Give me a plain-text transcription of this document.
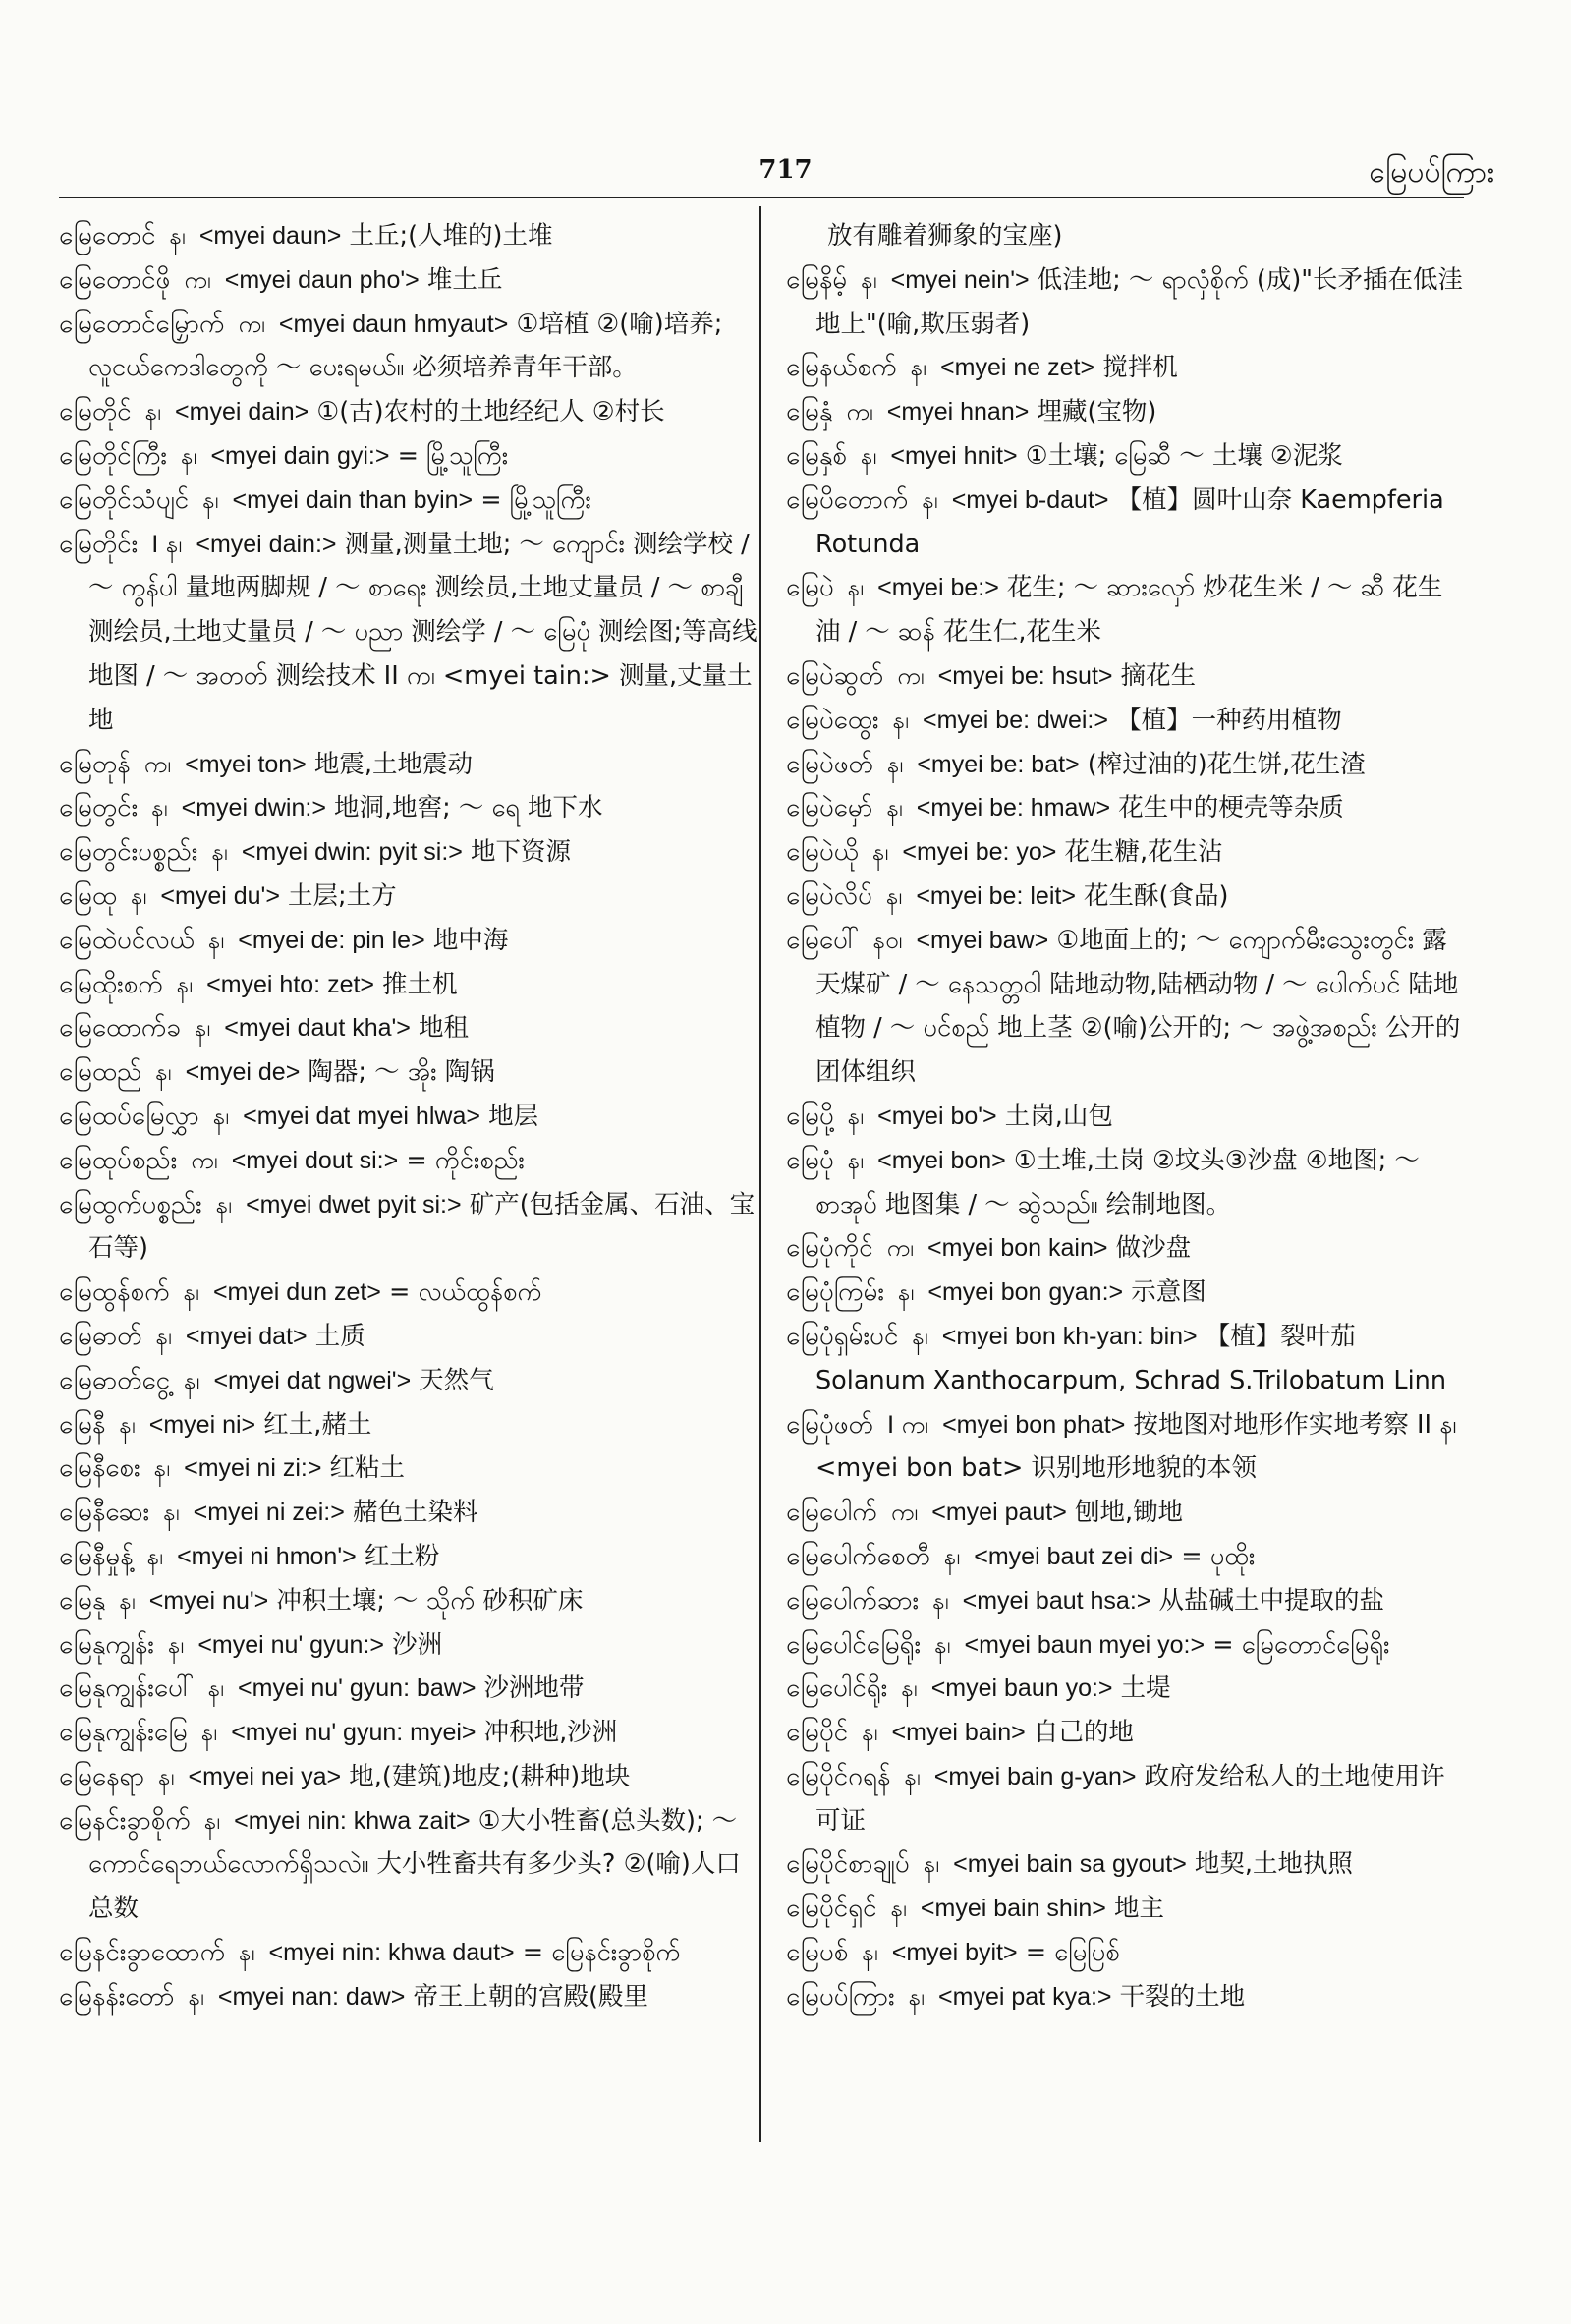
717	မြေပပ်ကြား
မြေတောင် န၊ <myei daun> 土丘;(人堆的)土堆
မြေတောင်ဖို က၊ <myei daun pho'> 堆土丘
မြေတောင်မြှောက် က၊ <myei daun hmyaut> ①培植 ②(喻)培养; လူငယ်ကေဒါတွေကို ～ ပေးရမယ်။ 必须培养青年干部。
မြေတိုင် န၊ <myei dain> ①(古)农村的土地经纪人 ②村长
မြေတိုင်ကြီး န၊ <myei dain gyi:> = မြို့သူကြီး
မြေတိုင်သံပျင် န၊ <myei dain than byin> = မြို့သူကြီး
မြေတိုင်း I န၊ <myei dain:> 测量,测量土地; ～ ကျောင်း 测绘学校 / ～ ကွန်ပါ 量地两脚规 / ～ စာရေး 测绘员,土地丈量员 / ～ စာချီ 测绘员,土地丈量员 / ～ ပညာ 测绘学 / ～ မြေပုံ 测绘图;等高线地图 / ～ အတတ် 测绘技术 II က၊ <myei tain:> 测量,丈量土地
မြေတုန် က၊ <myei ton> 地震,土地震动
မြေတွင်း န၊ <myei dwin:> 地洞,地窖; ～ ရေ 地下水
မြေတွင်းပစ္စည်း န၊ <myei dwin: pyit si:> 地下资源
မြေထု န၊ <myei du'> 土层;土方
မြေထဲပင်လယ် န၊ <myei de: pin le> 地中海
မြေထိုးစက် န၊ <myei hto: zet> 推土机
မြေထောက်ခ န၊ <myei daut kha'> 地租
မြေထည် န၊ <myei de> 陶器; ～ အိုး 陶锅
မြေထပ်မြေလွှာ န၊ <myei dat myei hlwa> 地层
မြေထုပ်စည်း က၊ <myei dout si:> = ကိုင်းစည်း
မြေထွက်ပစ္စည်း န၊ <myei dwet pyit si:> 矿产(包括金属、石油、宝石等)
မြေထွန်စက် န၊ <myei dun zet> = လယ်ထွန်စက်
မြေဓာတ် န၊ <myei dat> 土质
မြေဓာတ်ငွေ့ န၊ <myei dat ngwei'> 天然气
မြေနီ န၊ <myei ni> 红土,赭土
မြေနီစေး န၊ <myei ni zi:> 红粘土
မြေနီဆေး န၊ <myei ni zei:> 赭色土染料
မြေနီမှုန့် န၊ <myei ni hmon'> 红土粉
မြေနု န၊ <myei nu'> 冲积土壤; ～ သိုက် 砂积矿床
မြေနုကျွန်း န၊ <myei nu' gyun:> 沙洲
မြေနုကျွန်းပေါ် န၊ <myei nu' gyun: baw> 沙洲地带
မြေနုကျွန်းမြေ န၊ <myei nu' gyun: myei> 冲积地,沙洲
မြေနေရာ န၊ <myei nei ya> 地,(建筑)地皮;(耕种)地块
မြေနင်းခွာစိုက် န၊ <myei nin: khwa zait> ①大小牲畜(总头数); ～ ကောင်ရေဘယ်လောက်ရှိသလဲ။ 大小牲畜共有多少头? ②(喻)人口总数
မြေနင်းခွာထောက် န၊ <myei nin: khwa daut> = မြေနင်းခွာစိုက်
မြေနန်းတော် န၊ <myei nan: daw> 帝王上朝的宫殿(殿里
放有雕着狮象的宝座)
မြေနိမ့် န၊ <myei nein'> 低洼地; ～ ရာလှံစိုက် (成)"长矛插在低洼地上"(喻,欺压弱者)
မြေနယ်စက် န၊ <myei ne zet> 搅拌机
မြေနှံ က၊ <myei hnan> 埋藏(宝物)
မြေနှစ် န၊ <myei hnit> ①土壤; မြေဆီ ～ 土壤 ②泥浆
မြေပိတောက် န၊ <myei b-daut> 【植】圆叶山奈 Kaempferia Rotunda
မြေပဲ န၊ <myei be:> 花生; ～ ဆားလှော် 炒花生米 / ～ ဆီ 花生油 / ～ ဆန် 花生仁,花生米
မြေပဲဆွတ် က၊ <myei be: hsut> 摘花生
မြေပဲထွေး န၊ <myei be: dwei:> 【植】一种药用植物
မြေပဲဖတ် န၊ <myei be: bat> (榨过油的)花生饼,花生渣
မြေပဲမှော် န၊ <myei be: hmaw> 花生中的梗壳等杂质
မြေပဲယို န၊ <myei be: yo> 花生糖,花生沾
မြေပဲလိပ် န၊ <myei be: leit> 花生酥(食品)
မြေပေါ် နဝ၊ <myei baw> ①地面上的; ～ ကျောက်မီးသွေးတွင်း 露天煤矿 / ～ နေသတ္တဝါ 陆地动物,陆栖动物 / ～ ပေါက်ပင် 陆地植物 / ～ ပင်စည် 地上茎 ②(喻)公开的; ～ အဖွဲ့အစည်း 公开的团体组织
မြေပို့ န၊ <myei bo'> 土岗,山包
မြေပုံ န၊ <myei bon> ①土堆,土岗 ②坟头③沙盘 ④地图; ～ စာအုပ် 地图集 / ～ ဆွဲသည်။ 绘制地图。
မြေပုံကိုင် က၊ <myei bon kain> 做沙盘
မြေပုံကြမ်း န၊ <myei bon gyan:> 示意图
မြေပုံရှမ်းပင် န၊ <myei bon kh-yan: bin> 【植】裂叶茄 Solanum Xanthocarpum, Schrad S.Trilobatum Linn
မြေပုံဖတ် I က၊ <myei bon phat> 按地图对地形作实地考察 II န၊ <myei bon bat> 识别地形地貌的本领
မြေပေါက် က၊ <myei paut> 刨地,锄地
မြေပေါက်စေတီ န၊ <myei baut zei di> = ပုထိုး
မြေပေါက်ဆား န၊ <myei baut hsa:> 从盐碱土中提取的盐
မြေပေါင်မြေရိုး န၊ <myei baun myei yo:> = မြေတောင်မြေရိုး
မြေပေါင်ရိုး န၊ <myei baun yo:> 土堤
မြေပိုင် န၊ <myei bain> 自己的地
မြေပိုင်ဂရန် န၊ <myei bain g-yan> 政府发给私人的土地使用许可证
မြေပိုင်စာချုပ် န၊ <myei bain sa gyout> 地契,土地执照
မြေပိုင်ရှင် န၊ <myei bain shin> 地主
မြေပစ် န၊ <myei byit> = မြေပြစ်
မြေပပ်ကြား န၊ <myei pat kya:> 干裂的土地
